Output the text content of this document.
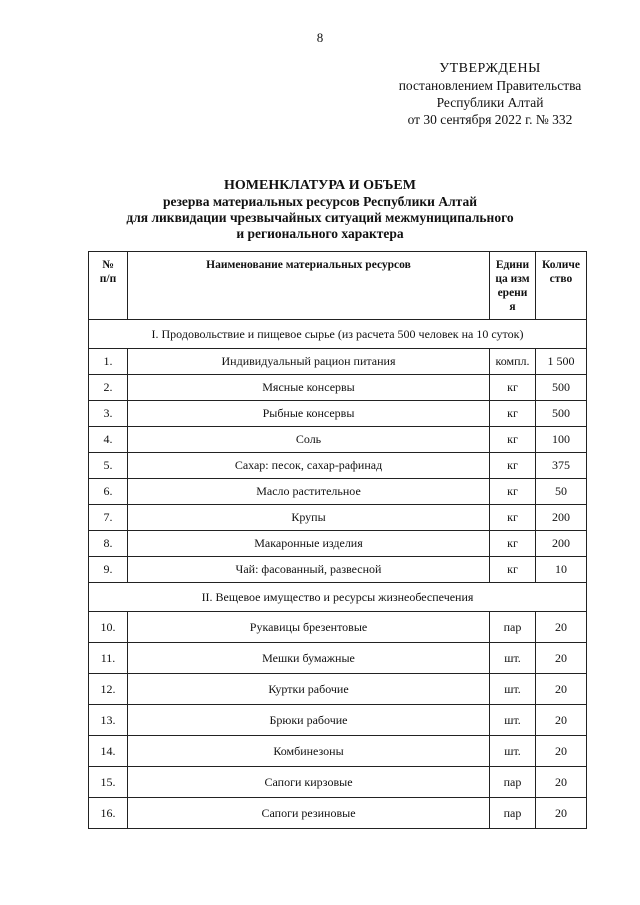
8
УТВЕРЖДЕНЫ
постановлением Правительства
Республики Алтай
от 30 сентября 2022 г. № 332
НОМЕНКЛАТУРА И ОБЪЕМ
резерва материальных ресурсов Республики Алтай
для ликвидации чрезвычайных ситуаций межмуниципального
и регионального характера
№ п/п	Наименование материальных ресурсов	Единица измерения	Количество

I. Продовольствие и пищевое сырье (из расчета 500 человек на 10 суток)			
1.	Индивидуальный рацион питания	компл.	1 500
2.	Мясные консервы	кг	500
3.	Рыбные консервы	кг	500
4.	Соль	кг	100
5.	Сахар: песок, сахар-рафинад	кг	375
6.	Масло растительное	кг	50
7.	Крупы	кг	200
8.	Макаронные изделия	кг	200
9.	Чай: фасованный, развесной	кг	10
II. Вещевое имущество и ресурсы жизнеобеспечения			
10.	Рукавицы брезентовые	пар	20
11.	Мешки бумажные	шт.	20
12.	Куртки рабочие	шт.	20
13.	Брюки рабочие	шт.	20
14.	Комбинезоны	шт.	20
15.	Сапоги кирзовые	пар	20
16.	Сапоги резиновые	пар	20
